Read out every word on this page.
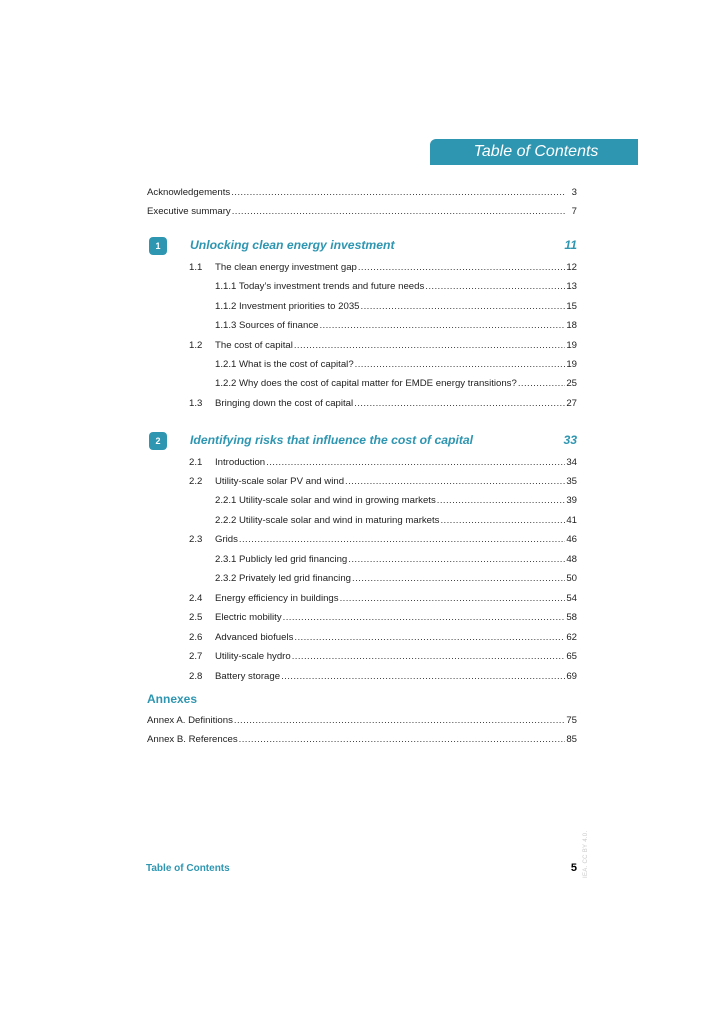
Table of Contents
Acknowledgements .....	3
Executive summary .....	7
1	Unlocking clean energy investment	11
1.1	The clean energy investment gap .....	12
1.1.1 Today’s investment trends and future needs .....	13
1.1.2 Investment priorities to 2035 .....	15
1.1.3 Sources of finance .....	18
1.2	The cost of capital .....	19
1.2.1 What is the cost of capital? .....	19
1.2.2 Why does the cost of capital matter for EMDE energy transitions? .....	25
1.3	Bringing down the cost of capital .....	27
2	Identifying risks that influence the cost of capital	33
2.1	Introduction .....	34
2.2	Utility-scale solar PV and wind .....	35
2.2.1 Utility-scale solar and wind in growing markets .....	39
2.2.2 Utility-scale solar and wind in maturing markets .....	41
2.3	Grids .....	46
2.3.1 Publicly led grid financing .....	48
2.3.2 Privately led grid financing .....	50
2.4	Energy efficiency in buildings .....	54
2.5	Electric mobility .....	58
2.6	Advanced biofuels .....	62
2.7	Utility-scale hydro .....	65
2.8	Battery storage .....	69
Annexes
Annex A. Definitions .....	75
Annex B. References .....	85
Table of Contents	5 IEA. CC BY 4.0.
